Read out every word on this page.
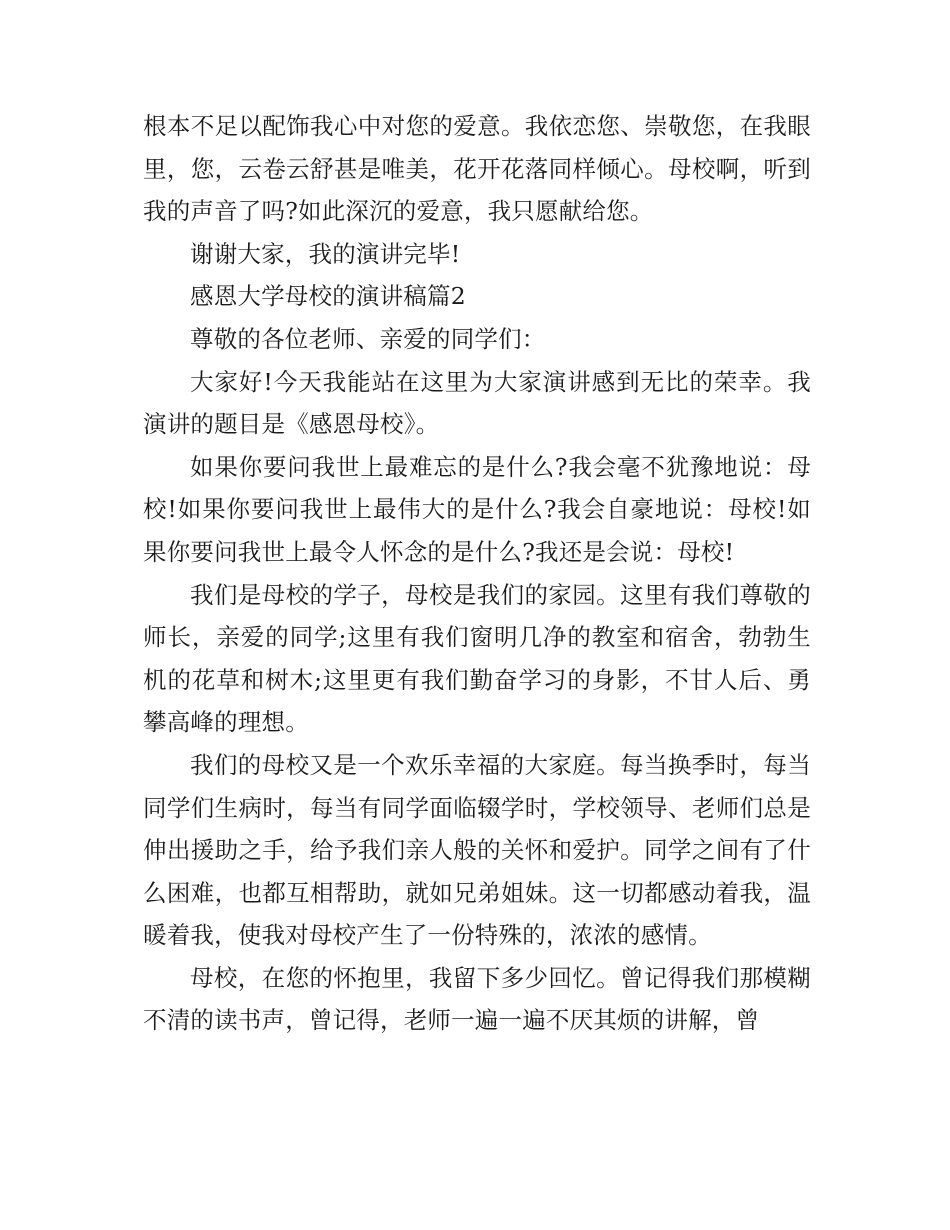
根本不足以配饰我心中对您的爱意。我依恋您、崇敬您，在我眼里，您，云卷云舒甚是唯美，花开花落同样倾心。母校啊，听到我的声音了吗?如此深沉的爱意，我只愿献给您。

谢谢大家，我的演讲完毕!

感恩大学母校的演讲稿篇2

尊敬的各位老师、亲爱的同学们：

大家好!今天我能站在这里为大家演讲感到无比的荣幸。我演讲的题目是《感恩母校》。

如果你要问我世上最难忘的是什么?我会毫不犹豫地说：母校!如果你要问我世上最伟大的是什么?我会自豪地说：母校!如果你要问我世上最令人怀念的是什么?我还是会说：母校!

我们是母校的学子，母校是我们的家园。这里有我们尊敬的师长，亲爱的同学;这里有我们窗明几净的教室和宿舍，勃勃生机的花草和树木;这里更有我们勤奋学习的身影，不甘人后、勇攀高峰的理想。

我们的母校又是一个欢乐幸福的大家庭。每当换季时，每当同学们生病时，每当有同学面临辍学时，学校领导、老师们总是伸出援助之手，给予我们亲人般的关怀和爱护。同学之间有了什么困难，也都互相帮助，就如兄弟姐妹。这一切都感动着我，温暖着我，使我对母校产生了一份特殊的，浓浓的感情。

母校，在您的怀抱里，我留下多少回忆。曾记得我们那模糊不清的读书声，曾记得，老师一遍一遍不厌其烦的讲解，曾
